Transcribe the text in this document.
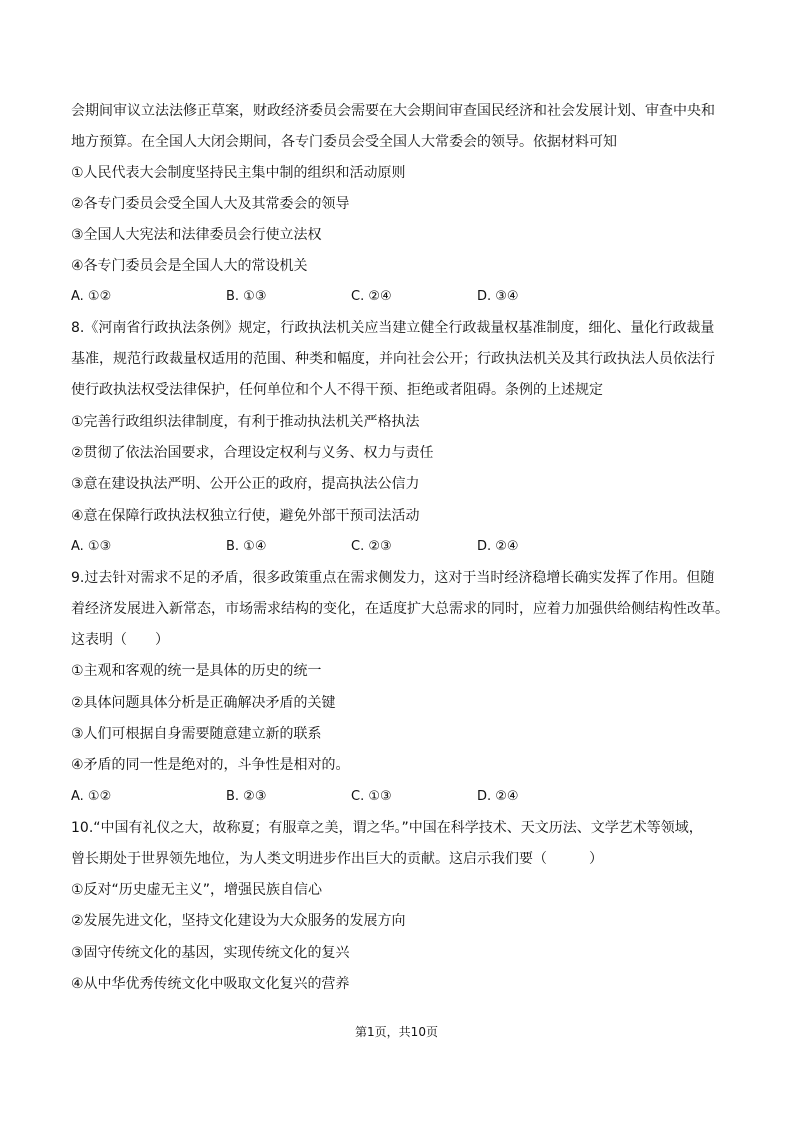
会期间审议立法法修正草案，财政经济委员会需要在大会期间审查国民经济和社会发展计划、审查中央和
地方预算。在全国人大闭会期间，各专门委员会受全国人大常委会的领导。依据材料可知
①人民代表大会制度坚持民主集中制的组织和活动原则
②各专门委员会受全国人大及其常委会的领导
③全国人大宪法和法律委员会行使立法权
④各专门委员会是全国人大的常设机关
A. ①②	B. ①③	C. ②④	D. ③④
8.《河南省行政执法条例》规定，行政执法机关应当建立健全行政裁量权基准制度，细化、量化行政裁量
基准，规范行政裁量权适用的范围、种类和幅度，并向社会公开；行政执法机关及其行政执法人员依法行
使行政执法权受法律保护，任何单位和个人不得干预、拒绝或者阻碍。条例的上述规定
①完善行政组织法律制度，有利于推动执法机关严格执法
②贯彻了依法治国要求，合理设定权利与义务、权力与责任
③意在建设执法严明、公开公正的政府，提高执法公信力
④意在保障行政执法权独立行使，避免外部干预司法活动
A. ①③	B. ①④	C. ②③	D. ②④
9.过去针对需求不足的矛盾，很多政策重点在需求侧发力，这对于当时经济稳增长确实发挥了作用。但随
着经济发展进入新常态，市场需求结构的变化，在适度扩大总需求的同时，应着力加强供给侧结构性改革。
这表明（　　）
①主观和客观的统一是具体的历史的统一
②具体问题具体分析是正确解决矛盾的关键
③人们可根据自身需要随意建立新的联系
④矛盾的同一性是绝对的，斗争性是相对的。
A. ①②	B. ②③	C. ①③	D. ②④
10.“中国有礼仪之大，故称夏；有服章之美，谓之华。”中国在科学技术、天文历法、文学艺术等领域，
曾长期处于世界领先地位，为人类文明进步作出巨大的贡献。这启示我们要（　　　）
①反对“历史虚无主义”，增强民族自信心
②发展先进文化，坚持文化建设为大众服务的发展方向
③固守传统文化的基因，实现传统文化的复兴
④从中华优秀传统文化中吸取文化复兴的营养
第1页，共10页
